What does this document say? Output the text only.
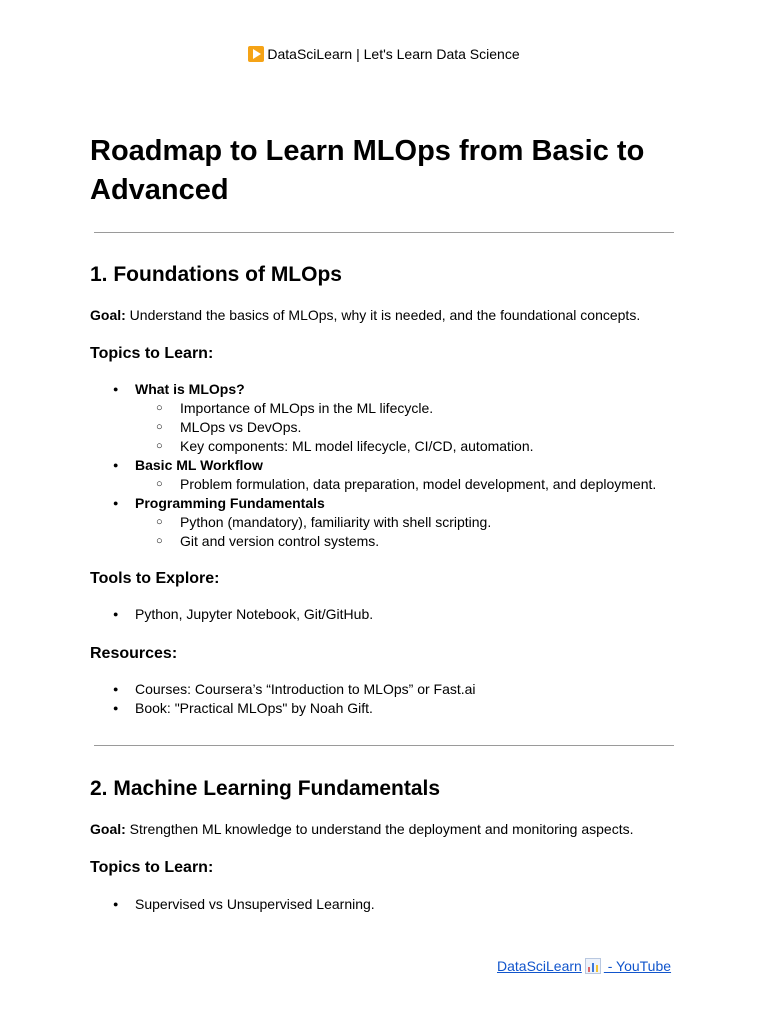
DataSciLearn | Let's Learn Data Science
Roadmap to Learn MLOps from Basic to Advanced
1. Foundations of MLOps

Goal: Understand the basics of MLOps, why it is needed, and the foundational concepts.

Topics to Learn:
● What is MLOps?
○ Importance of MLOps in the ML lifecycle.
○ MLOps vs DevOps.
○ Key components: ML model lifecycle, CI/CD, automation.
● Basic ML Workflow
○ Problem formulation, data preparation, model development, and deployment.
● Programming Fundamentals
○ Python (mandatory), familiarity with shell scripting.
○ Git and version control systems.
Tools to Explore:
● Python, Jupyter Notebook, Git/GitHub.
Resources:
● Courses: Coursera’s “Introduction to MLOps” or Fast.ai
● Book: "Practical MLOps" by Noah Gift.
2. Machine Learning Fundamentals

Goal: Strengthen ML knowledge to understand the deployment and monitoring aspects.

Topics to Learn:
● Supervised vs Unsupervised Learning.
DataSciLearn
- YouTube
